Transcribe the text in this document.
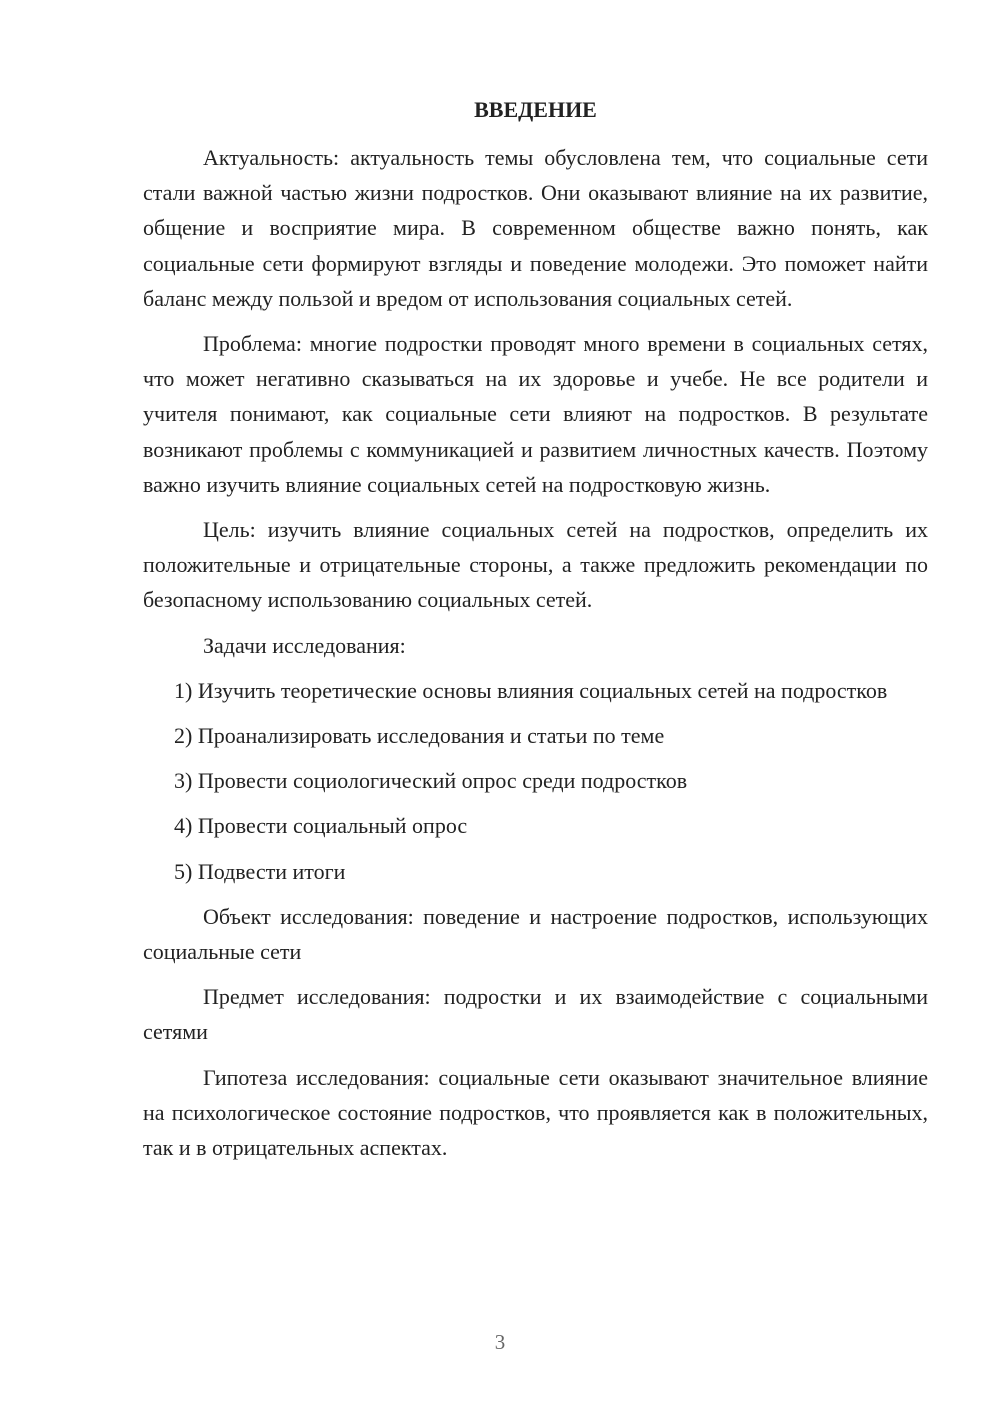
ВВЕДЕНИЕ

Актуальность: актуальность темы обусловлена тем, что социальные сети стали важной частью жизни подростков. Они оказывают влияние на их развитие, общение и восприятие мира. В современном обществе важно понять, как социальные сети формируют взгляды и поведение молодежи. Это поможет найти баланс между пользой и вредом от использования социальных сетей.

Проблема: многие подростки проводят много времени в социальных сетях, что может негативно сказываться на их здоровье и учебе. Не все родители и учителя понимают, как социальные сети влияют на подростков. В результате возникают проблемы с коммуникацией и развитием личностных качеств. Поэтому важно изучить влияние социальных сетей на подростковую жизнь.

Цель: изучить влияние социальных сетей на подростков, определить их положительные и отрицательные стороны, а также предложить рекомендации по безопасному использованию социальных сетей.

Задачи исследования:

1) Изучить теоретические основы влияния социальных сетей на подростков

2) Проанализировать исследования и статьи по теме

3) Провести социологический опрос среди подростков

4) Провести социальный опрос

5) Подвести итоги

Объект исследования: поведение и настроение подростков, использующих социальные сети

Предмет исследования: подростки и их взаимодействие с социальными сетями

Гипотеза исследования: социальные сети оказывают значительное влияние на психологическое состояние подростков, что проявляется как в положительных, так и в отрицательных аспектах.

3
